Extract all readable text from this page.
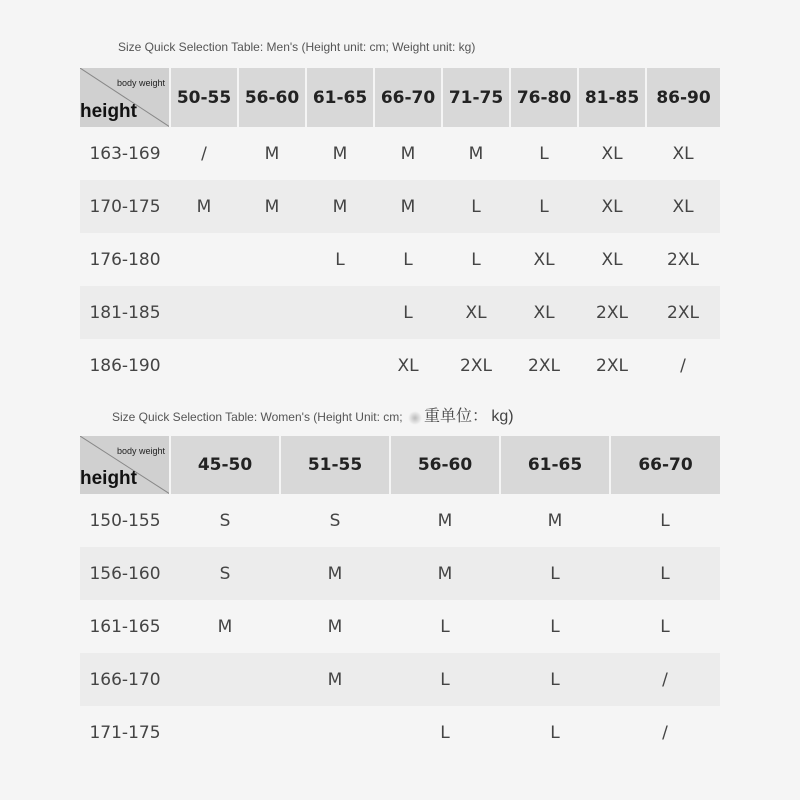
Size Quick Selection Table: Men's (Height unit: cm; Weight unit: kg)
body weight
height	50-55	56-60	61-65	66-70	71-75	76-80	81-85	86-90
163-169	/	M	M	M	M	L	XL	XL
170-175	M	M	M	M	L	L	XL	XL
176-180			L	L	L	XL	XL	2XL
181-185				L	XL	XL	2XL	2XL
186-190				XL	2XL	2XL	2XL	/
Size Quick Selection Table: Women's (Height Unit: cm; 重单位： kg)
body weight
height	45-50	51-55	56-60	61-65	66-70
150-155	S	S	M	M	L
156-160	S	M	M	L	L
161-165	M	M	L	L	L
166-170		M	L	L	/
171-175			L	L	/
